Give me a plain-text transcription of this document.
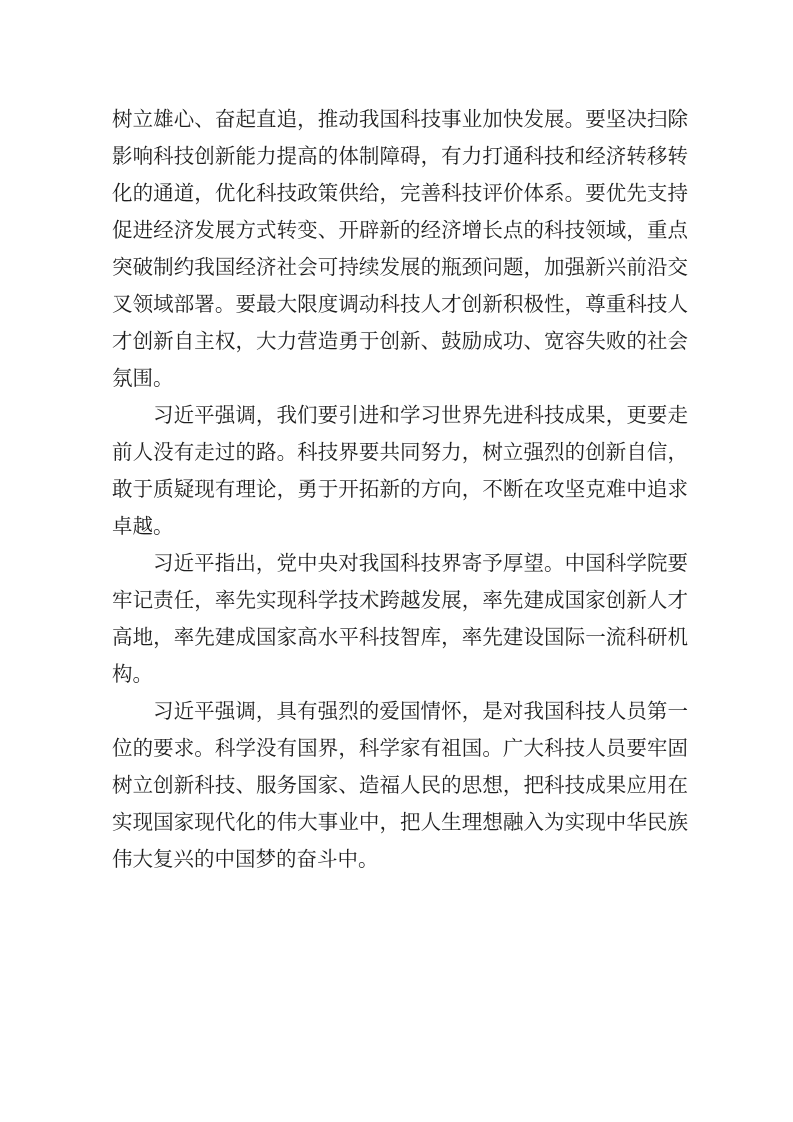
树立雄心、奋起直追，推动我国科技事业加快发展。要坚决扫除影响科技创新能力提高的体制障碍，有力打通科技和经济转移转化的通道，优化科技政策供给，完善科技评价体系。要优先支持促进经济发展方式转变、开辟新的经济增长点的科技领域，重点突破制约我国经济社会可持续发展的瓶颈问题，加强新兴前沿交叉领域部署。要最大限度调动科技人才创新积极性，尊重科技人才创新自主权，大力营造勇于创新、鼓励成功、宽容失败的社会氛围。

习近平强调，我们要引进和学习世界先进科技成果，更要走前人没有走过的路。科技界要共同努力，树立强烈的创新自信，敢于质疑现有理论，勇于开拓新的方向，不断在攻坚克难中追求卓越。

习近平指出，党中央对我国科技界寄予厚望。中国科学院要牢记责任，率先实现科学技术跨越发展，率先建成国家创新人才高地，率先建成国家高水平科技智库，率先建设国际一流科研机构。

习近平强调，具有强烈的爱国情怀，是对我国科技人员第一位的要求。科学没有国界，科学家有祖国。广大科技人员要牢固树立创新科技、服务国家、造福人民的思想，把科技成果应用在实现国家现代化的伟大事业中，把人生理想融入为实现中华民族伟大复兴的中国梦的奋斗中。
